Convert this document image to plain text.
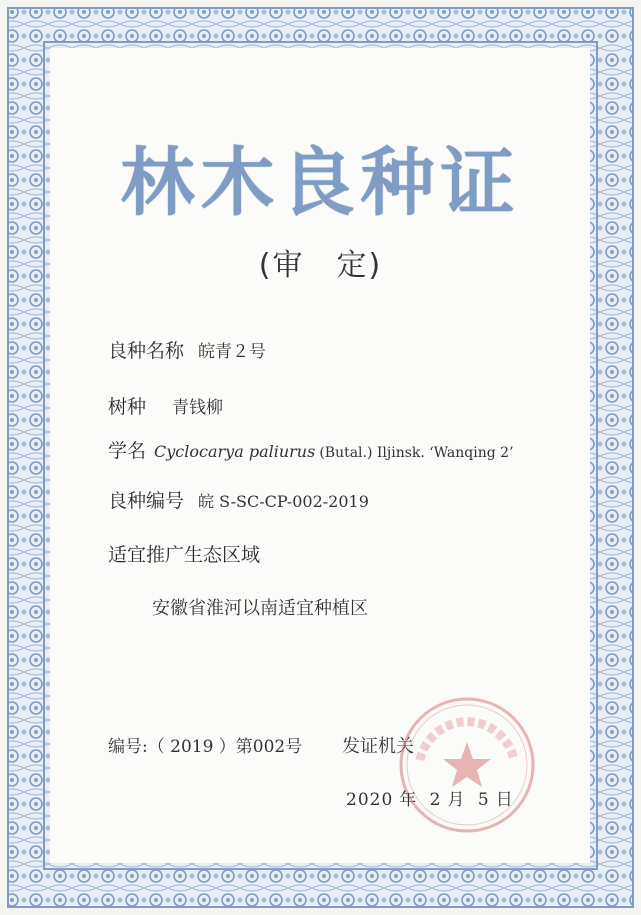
林木良种证
(审　定)
良种名称 皖青２号
树种 青钱柳
学名 Cyclocarya paliurus (Butal.) Iljinsk. ‘Wanqing 2’
良种编号 皖 S-SC-CP-002-2019
适宜推广生态区域
安徽省淮河以南适宜种植区
编号:（ 2019 ）第002号 发证机关
2020 年 2 月 5 日
